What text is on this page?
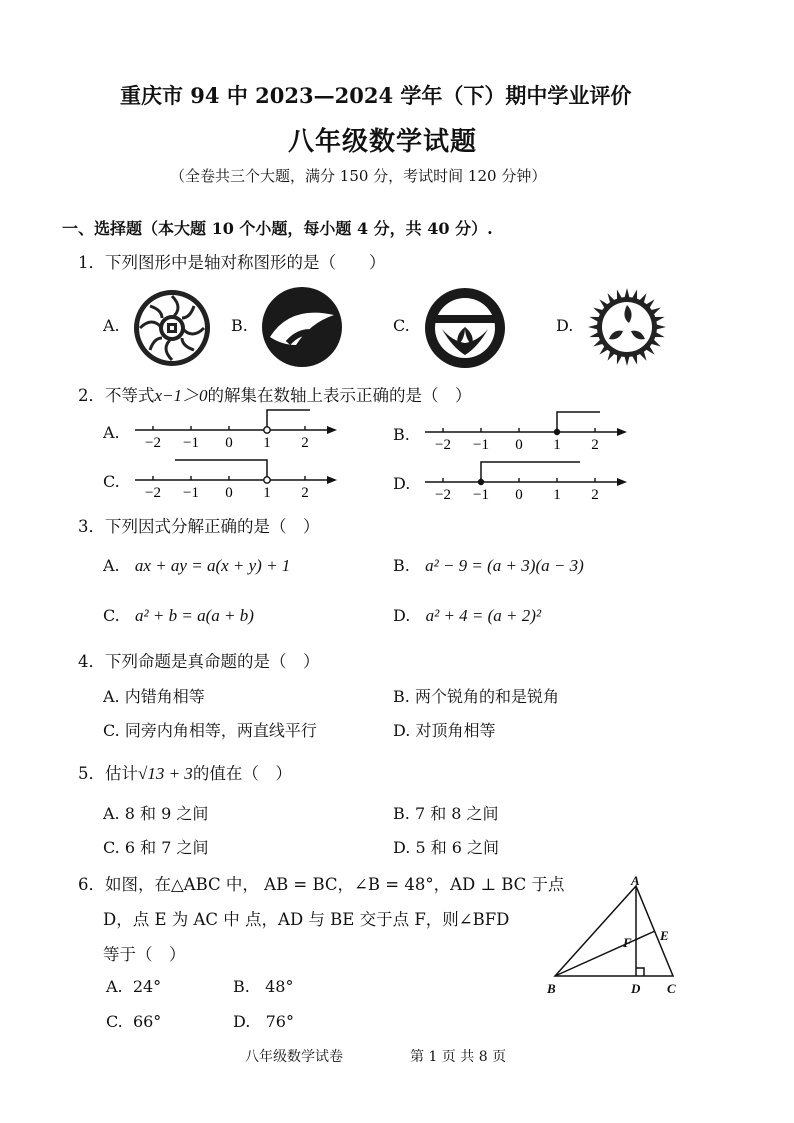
重庆市 94 中 2023—2024 学年（下）期中学业评价
八年级数学试题
（全卷共三个大题，满分 150 分，考试时间 120 分钟）
一、选择题（本大题 10 个小题，每小题 4 分，共 40 分）.
1．下列图形中是轴对称图形的是（　　）
A.	B.	C.	D.
2．不等式x−1＞0的解集在数轴上表示正确的是（　）
A.	B.
C.	D.
−2 −1 0 1 2	−2 −1 0 1 2
−2 −1 0 1 2	−2 −1 0 1 2
3．下列因式分解正确的是（　）
A. ax + ay = a(x + y) + 1	B. a² − 9 = (a + 3)(a − 3)
C. a² + b = a(a + b)	D. a² + 4 = (a + 2)²
4．下列命题是真命题的是（　）
A. 内错角相等	B. 两个锐角的和是锐角
C. 同旁内角相等，两直线平行	D. 对顶角相等
5．估计√13 + 3的值在（　）
A. 8 和 9 之间	B. 7 和 8 之间
C. 6 和 7 之间	D. 5 和 6 之间
6．如图，在△ABC 中， AB = BC，∠B = 48°，AD ⊥ BC 于点
D，点 E 为 AC 中 点，AD 与 BE 交于点 F，则∠BFD
等于（　）
A. 24°	B. 48°
C. 66°	D. 76°
A
B	C
D
E
F
八年级数学试卷	第 1 页 共 8 页
